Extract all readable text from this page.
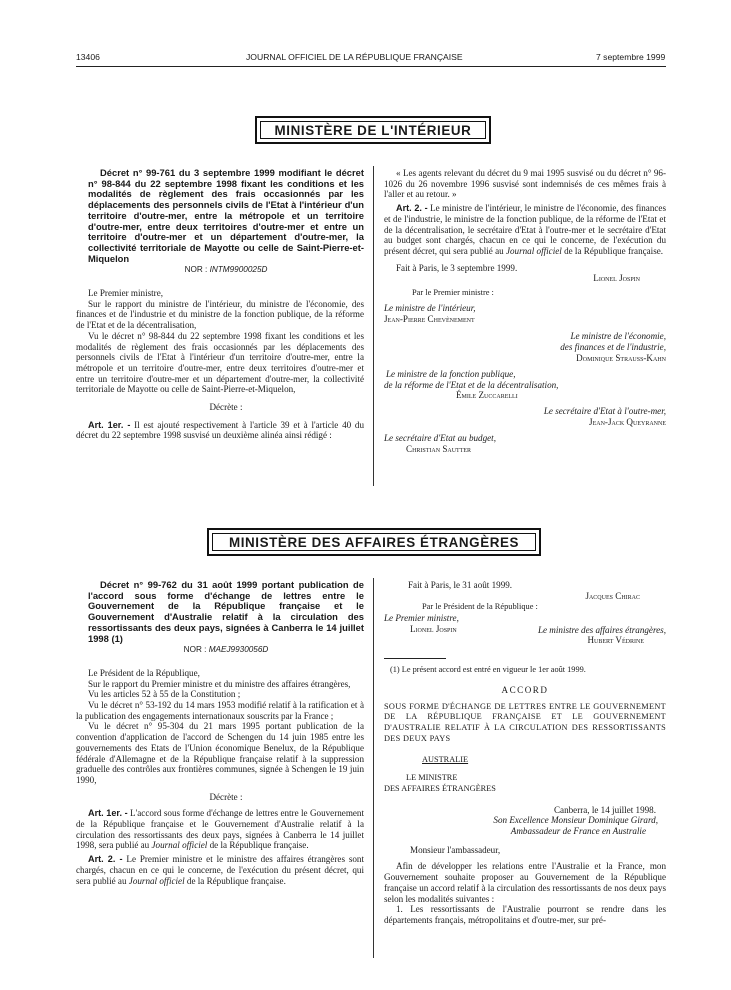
13406	JOURNAL OFFICIEL DE LA RÉPUBLIQUE FRANÇAISE	7 septembre 1999
MINISTÈRE DE L'INTÉRIEUR

Décret n° 99-761 du 3 septembre 1999 modifiant le décret n° 98-844 du 22 septembre 1998 fixant les conditions et les modalités de règlement des frais occasionnés par les déplacements des personnels civils de l'Etat à l'intérieur d'un territoire d'outre-mer, entre la métropole et un territoire d'outre-mer, entre deux territoires d'outre-mer et entre un territoire d'outre-mer et un département d'outre-mer, la collectivité territoriale de Mayotte ou celle de Saint-Pierre-et-Miquelon

NOR : INTM9900025D

Le Premier ministre,

Sur le rapport du ministre de l'intérieur, du ministre de l'économie, des finances et de l'industrie et du ministre de la fonction publique, de la réforme de l'Etat et de la décentralisation,

Vu le décret n° 98-844 du 22 septembre 1998 fixant les conditions et les modalités de règlement des frais occasionnés par les déplacements des personnels civils de l'Etat à l'intérieur d'un territoire d'outre-mer, entre la métropole et un territoire d'outre-mer, entre deux territoires d'outre-mer et entre un territoire d'outre-mer et un département d'outre-mer, la collectivité territoriale de Mayotte ou celle de Saint-Pierre-et-Miquelon,

Décrète :

Art. 1er. - Il est ajouté respectivement à l'article 39 et à l'article 40 du décret du 22 septembre 1998 susvisé un deuxième alinéa ainsi rédigé :

« Les agents relevant du décret du 9 mai 1995 susvisé ou du décret n° 96-1026 du 26 novembre 1996 susvisé sont indemnisés de ces mêmes frais à l'aller et au retour. »

Art. 2. - Le ministre de l'intérieur, le ministre de l'économie, des finances et de l'industrie, le ministre de la fonction publique, de la réforme de l'Etat et de la décentralisation, le secrétaire d'Etat à l'outre-mer et le secrétaire d'Etat au budget sont chargés, chacun en ce qui le concerne, de l'exécution du présent décret, qui sera publié au Journal officiel de la République française.

Fait à Paris, le 3 septembre 1999.

Lionel Jospin

Par le Premier ministre :

Le ministre de l'intérieur,

Jean-Pierre Chevènement

Le ministre de l'économie,

des finances et de l'industrie,

Dominique Strauss-Kahn

Le ministre de la fonction publique,

de la réforme de l'Etat et de la décentralisation,

Émile Zuccarelli

Le secrétaire d'Etat à l'outre-mer,

Jean-Jack Queyranne

Le secrétaire d'Etat au budget,

Christian Sautter

MINISTÈRE DES AFFAIRES ÉTRANGÈRES

Décret n° 99-762 du 31 août 1999 portant publication de l'accord sous forme d'échange de lettres entre le Gouvernement de la République française et le Gouvernement d'Australie relatif à la circulation des ressortissants des deux pays, signées à Canberra le 14 juillet 1998 (1)

NOR : MAEJ9930056D

Le Président de la République,

Sur le rapport du Premier ministre et du ministre des affaires étrangères,

Vu les articles 52 à 55 de la Constitution ;

Vu le décret n° 53-192 du 14 mars 1953 modifié relatif à la ratification et à la publication des engagements internationaux souscrits par la France ;

Vu le décret n° 95-304 du 21 mars 1995 portant publication de la convention d'application de l'accord de Schengen du 14 juin 1985 entre les gouvernements des Etats de l'Union économique Benelux, de la République fédérale d'Allemagne et de la République française relatif à la suppression graduelle des contrôles aux frontières communes, signée à Schengen le 19 juin 1990,

Décrète :

Art. 1er. - L'accord sous forme d'échange de lettres entre le Gouvernement de la République française et le Gouvernement d'Australie relatif à la circulation des ressortissants des deux pays, signées à Canberra le 14 juillet 1998, sera publié au Journal officiel de la République française.

Art. 2. - Le Premier ministre et le ministre des affaires étrangères sont chargés, chacun en ce qui le concerne, de l'exécution du présent décret, qui sera publié au Journal officiel de la République française.

Fait à Paris, le 31 août 1999.

Jacques Chirac

Par le Président de la République :

Le Premier ministre,

Lionel Jospin	Le ministre des affaires étrangères,

Hubert Védrine

(1) Le présent accord est entré en vigueur le 1er août 1999.

ACCORD

SOUS FORME D'ÉCHANGE DE LETTRES ENTRE LE GOUVERNEMENT DE LA RÉPUBLIQUE FRANÇAISE ET LE GOUVERNEMENT D'AUSTRALIE RELATIF À LA CIRCULATION DES RESSORTISSANTS DES DEUX PAYS

AUSTRALIE

LE MINISTRE

DES AFFAIRES ÉTRANGÈRES

Canberra, le 14 juillet 1998.

Son Excellence Monsieur Dominique Girard,

Ambassadeur de France en Australie

Monsieur l'ambassadeur,

Afin de développer les relations entre l'Australie et la France, mon Gouvernement souhaite proposer au Gouvernement de la République française un accord relatif à la circulation des ressortissants de nos deux pays selon les modalités suivantes :

1. Les ressortissants de l'Australie pourront se rendre dans les départements français, métropolitains et d'outre-mer, sur pré-
